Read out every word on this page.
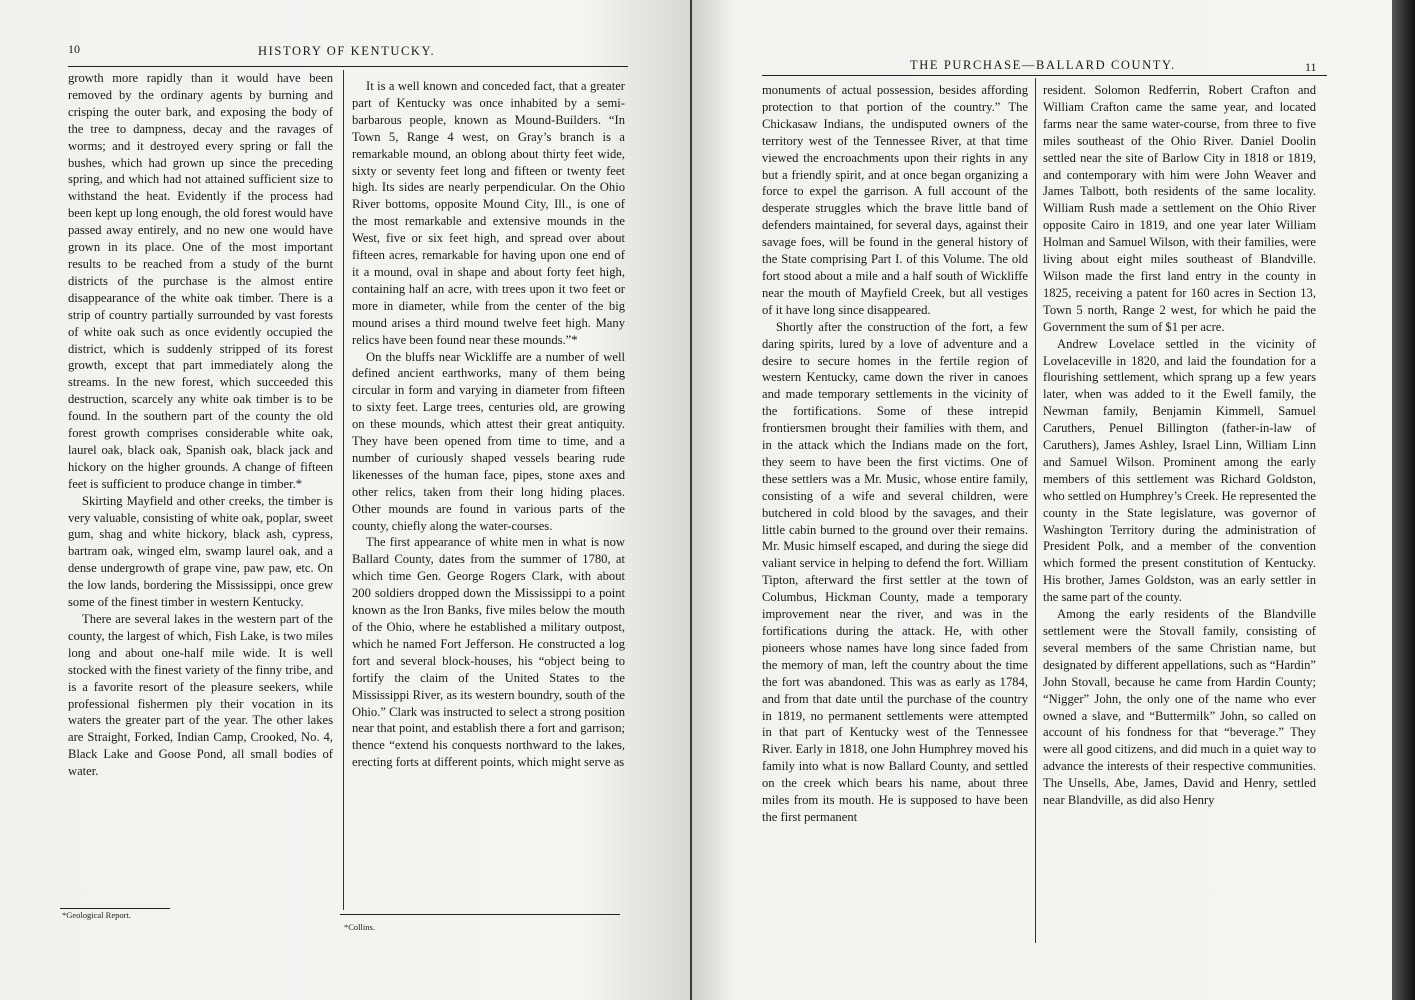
10	HISTORY OF KENTUCKY.

growth more rapidly than it would have been removed by the ordinary agents by burning and crisping the outer bark, and exposing the body of the tree to dampness, decay and the ravages of worms; and it destroyed every spring or fall the bushes, which had grown up since the preceding spring, and which had not attained sufficient size to withstand the heat. Evidently if the process had been kept up long enough, the old forest would have passed away entirely, and no new one would have grown in its place. One of the most important results to be reached from a study of the burnt districts of the purchase is the almost entire disappearance of the white oak timber. There is a strip of country partially surrounded by vast forests of white oak such as once evidently occupied the district, which is suddenly stripped of its forest growth, except that part immediately along the streams. In the new forest, which succeeded this destruction, scarcely any white oak timber is to be found. In the southern part of the county the old forest growth comprises considerable white oak, laurel oak, black oak, Spanish oak, black jack and hickory on the higher grounds. A change of fifteen feet is sufficient to produce change in timber.*

Skirting Mayfield and other creeks, the timber is very valuable, consisting of white oak, poplar, sweet gum, shag and white hickory, black ash, cypress, bartram oak, winged elm, swamp laurel oak, and a dense undergrowth of grape vine, paw paw, etc. On the low lands, bordering the Mississippi, once grew some of the finest timber in western Kentucky.

There are several lakes in the western part of the county, the largest of which, Fish Lake, is two miles long and about one-half mile wide. It is well stocked with the finest variety of the finny tribe, and is a favorite resort of the pleasure seekers, while professional fishermen ply their vocation in its waters the greater part of the year. The other lakes are Straight, Forked, Indian Camp, Crooked, No. 4, Black Lake and Goose Pond, all small bodies of water.

*Geological Report.

It is a well known and conceded fact, that a greater part of Kentucky was once inhabited by a semi-barbarous people, known as Mound-Builders. “In Town 5, Range 4 west, on Gray’s branch is a remarkable mound, an oblong about thirty feet wide, sixty or seventy feet long and fifteen or twenty feet high. Its sides are nearly perpendicular. On the Ohio River bottoms, opposite Mound City, Ill., is one of the most remarkable and extensive mounds in the West, five or six feet high, and spread over about fifteen acres, remarkable for having upon one end of it a mound, oval in shape and about forty feet high, containing half an acre, with trees upon it two feet or more in diameter, while from the center of the big mound arises a third mound twelve feet high. Many relics have been found near these mounds.”*

On the bluffs near Wickliffe are a number of well defined ancient earthworks, many of them being circular in form and varying in diameter from fifteen to sixty feet. Large trees, centuries old, are growing on these mounds, which attest their great antiquity. They have been opened from time to time, and a number of curiously shaped vessels bearing rude likenesses of the human face, pipes, stone axes and other relics, taken from their long hiding places. Other mounds are found in various parts of the county, chiefly along the water-courses.

The first appearance of white men in what is now Ballard County, dates from the summer of 1780, at which time Gen. George Rogers Clark, with about 200 soldiers dropped down the Mississippi to a point known as the Iron Banks, five miles below the mouth of the Ohio, where he established a military outpost, which he named Fort Jefferson. He constructed a log fort and several block-houses, his “object being to fortify the claim of the United States to the Mississippi River, as its western boundry, south of the Ohio.” Clark was instructed to select a strong position near that point, and establish there a fort and garrison; thence “extend his conquests northward to the lakes, erecting forts at different points, which might serve as

*Collins.
THE PURCHASE—BALLARD COUNTY.	11

monuments of actual possession, besides affording protection to that portion of the country.” The Chickasaw Indians, the undisputed owners of the territory west of the Tennessee River, at that time viewed the encroachments upon their rights in any but a friendly spirit, and at once began organizing a force to expel the garrison. A full account of the desperate struggles which the brave little band of defenders maintained, for several days, against their savage foes, will be found in the general history of the State comprising Part I. of this Volume. The old fort stood about a mile and a half south of Wickliffe near the mouth of Mayfield Creek, but all vestiges of it have long since disappeared.

Shortly after the construction of the fort, a few daring spirits, lured by a love of adventure and a desire to secure homes in the fertile region of western Kentucky, came down the river in canoes and made temporary settlements in the vicinity of the fortifications. Some of these intrepid frontiersmen brought their families with them, and in the attack which the Indians made on the fort, they seem to have been the first victims. One of these settlers was a Mr. Music, whose entire family, consisting of a wife and several children, were butchered in cold blood by the savages, and their little cabin burned to the ground over their remains. Mr. Music himself escaped, and during the siege did valiant service in helping to defend the fort. William Tipton, afterward the first settler at the town of Columbus, Hickman County, made a temporary improvement near the river, and was in the fortifications during the attack. He, with other pioneers whose names have long since faded from the memory of man, left the country about the time the fort was abandoned. This was as early as 1784, and from that date until the purchase of the country in 1819, no permanent settlements were attempted in that part of Kentucky west of the Tennessee River. Early in 1818, one John Humphrey moved his family into what is now Ballard County, and settled on the creek which bears his name, about three miles from its mouth. He is supposed to have been the first permanent

resident. Solomon Redferrin, Robert Crafton and William Crafton came the same year, and located farms near the same water-course, from three to five miles southeast of the Ohio River. Daniel Doolin settled near the site of Barlow City in 1818 or 1819, and contemporary with him were John Weaver and James Talbott, both residents of the same locality. William Rush made a settlement on the Ohio River opposite Cairo in 1819, and one year later William Holman and Samuel Wilson, with their families, were living about eight miles southeast of Blandville. Wilson made the first land entry in the county in 1825, receiving a patent for 160 acres in Section 13, Town 5 north, Range 2 west, for which he paid the Government the sum of $1 per acre.

Andrew Lovelace settled in the vicinity of Lovelaceville in 1820, and laid the foundation for a flourishing settlement, which sprang up a few years later, when was added to it the Ewell family, the Newman family, Benjamin Kimmell, Samuel Caruthers, Penuel Billington (father-in-law of Caruthers), James Ashley, Israel Linn, William Linn and Samuel Wilson. Prominent among the early members of this settlement was Richard Goldston, who settled on Humphrey’s Creek. He represented the county in the State legislature, was governor of Washington Territory during the administration of President Polk, and a member of the convention which formed the present constitution of Kentucky. His brother, James Goldston, was an early settler in the same part of the county.

Among the early residents of the Blandville settlement were the Stovall family, consisting of several members of the same Christian name, but designated by different appellations, such as “Hardin” John Stovall, because he came from Hardin County; “Nigger” John, the only one of the name who ever owned a slave, and “Buttermilk” John, so called on account of his fondness for that “beverage.” They were all good citizens, and did much in a quiet way to advance the interests of their respective communities. The Unsells, Abe, James, David and Henry, settled near Blandville, as did also Henry
